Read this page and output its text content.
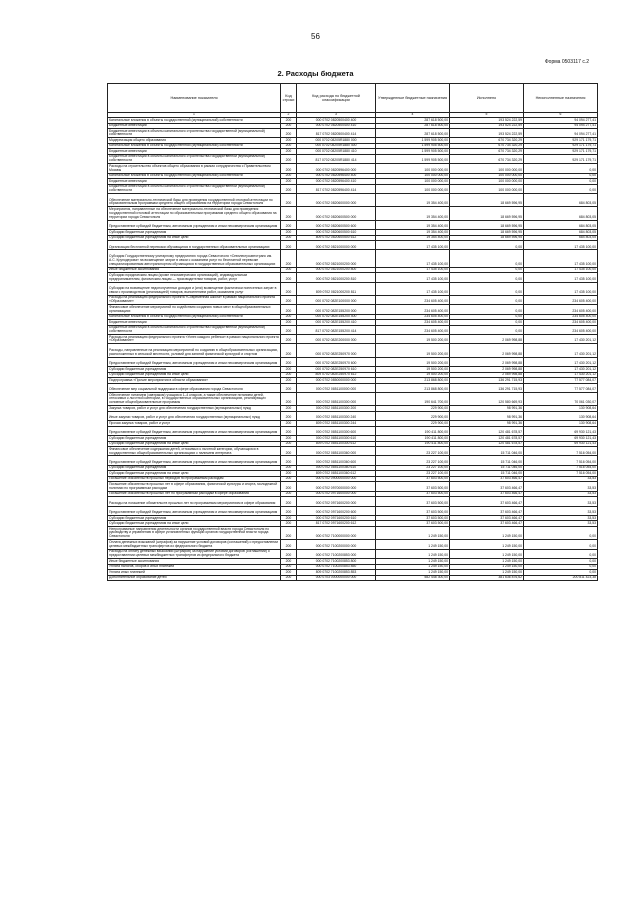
56
Форма 0503117 с.2
2. Расходы бюджета
Наименование показателя	Код строки	Код расхода по бюджетной классификации	Утвержденные бюджетные назначения	Исполнено	Неисполненные назначения
1	2	3	4	5	6
Капитальные вложения в объекты государственной (муниципальной) собственности	200	000 0702 0820500400 400	287 618 500,00	193 524 222,59	94 094 277,41
Бюджетные инвестиции	200	000 0702 0820500400 410	287 618 500,00	193 524 222,59	94 094 277,41
Бюджетные инвестиции в объекты капитального строительства государственной (муниципальной) собственности	200	817 0702 0820500400 414	287 618 500,00	193 524 222,59	94 094 277,41
Модернизация общего образования	200	000 0702 08205R1880 000	1 599 905 500,00	670 734 320,29	929 171 179,71
Капитальные вложения в объекты государственной (муниципальной) собственности	200	000 0702 08205R1880 400	1 599 905 500,00	670 734 320,29	929 171 179,71
Бюджетные инвестиции	200	000 0702 08205R1880 410	1 599 905 500,00	670 734 320,29	929 171 179,71
Бюджетные инвестиции в объекты капитального строительства государственной (муниципальной) собственности	200	817 0702 08205R1880 414	1 599 905 500,00	670 734 320,29	929 171 179,71
Расходы на строительство объектов общего образования в рамках сотрудничества с Правительством Москвы	200	000 0702 0820596400 000	100 000 000,00	100 000 000,00	0,00
Капитальные вложения в объекты государственной (муниципальной) собственности	200	000 0702 0820596400 400	100 000 000,00	100 000 000,00	0,00
Бюджетные инвестиции	200	000 0702 0820596400 410	100 000 000,00	100 000 000,00	0,00
Бюджетные инвестиции в объекты капитального строительства государственной (муниципальной) собственности	200	817 0702 0820596400 414	100 000 000,00	100 000 000,00	0,00
Обеспечение материально-технической базы для проведения государственной итоговой аттестации по образовательным программам среднего общего образования на территории города Севастополя	200	000 0702 0820600000 000	19 354 400,00	18 669 596,95	684 803,05
Мероприятия, направленные на обеспечение материально-технической базы для проведения государственной итоговой аттестации по образовательным программам среднего общего образования на территории города Севастополя	200	000 0702 0820600500 000	19 354 400,00	18 669 596,95	684 803,05
Предоставление субсидий бюджетным, автономным учреждениям и иным некоммерческим организациям	200	000 0702 0820600500 600	19 354 400,00	18 669 596,95	684 803,05
Субсидии бюджетным учреждениям	200	000 0702 0820600500 610	19 354 400,00	18 669 596,95	684 803,05
Субсидии бюджетным учреждениям на иные цели	200	809 0702 0820600500 612	19 354 400,00	18 669 596,95	684 803,05
Организация бесплатной перевозки обучающихся в государственных образовательных организациях	200	000 0702 0821000000 000	17 435 100,00	0,00	17 435 100,00
Субсидия Государственному унитарному предприятию города Севастополя «Севэлектроавтотранс им. А.С. Круподерова» на возмещение затрат в связи с оказанием услуг по бесплатной перевозке специализированным автотранспортом обучающихся в государственных образовательных организациях	200	000 0702 0821000200 000	17 435 100,00	0,00	17 435 100,00
Иные бюджетные ассигнования	200	000 0702 0821000200 800	17 435 100,00	0,00	17 435 100,00
Субсидии юридическим лицам (кроме некоммерческих организаций), индивидуальным предпринимателям, физическим лицам — производителям товаров, работ, услуг	200	000 0702 0821000200 810	17 435 100,00	0,00	17 435 100,00
Субсидии на возмещение недополученных доходов и (или) возмещение фактически понесенных затрат в связи с производством (реализацией) товаров, выполнением работ, оказанием услуг	200	809 0702 0821000200 811	17 435 100,00	0,00	17 435 100,00
Расходы на реализацию федерального проекта «Современная школа» в рамках национального проекта «Образование»	200	000 0702 082E100000 000	234 605 400,00	0,00	234 605 400,00
Финансовое обеспечение мероприятий по содействию созданию новых мест в общеобразовательных организациях	200	000 0702 082E155200 000	234 605 400,00	0,00	234 605 400,00
Капитальные вложения в объекты государственной (муниципальной) собственности	200	000 0702 082E155200 400	234 605 400,00	0,00	234 605 400,00
Бюджетные инвестиции	200	000 0702 082E155200 410	234 605 400,00	0,00	234 605 400,00
Бюджетные инвестиции в объекты капитального строительства государственной (муниципальной) собственности	200	817 0702 082E155200 414	234 605 400,00	0,00	234 605 400,00
Расходы на реализацию федерального проекта «Успех каждого ребенка» в рамках национального проекта «Образование»	200	000 0702 082E200000 000	19 500 200,00	2 069 998,88	17 430 201,12
Расходы, направленные на реализацию мероприятий по созданию в общеобразовательных организациях, расположенных в сельской местности, условий для занятий физической культурой и спортом	200	000 0702 082E250970 000	19 500 200,00	2 069 998,88	17 430 201,12
Предоставление субсидий бюджетным, автономным учреждениям и иным некоммерческим организациям	200	000 0702 082E250970 600	19 500 200,00	2 069 998,88	17 430 201,12
Субсидии бюджетным учреждениям	200	000 0702 082E250970 610	19 500 200,00	2 069 998,88	17 430 201,12
Субсидии бюджетным учреждениям на иные цели	200	809 0702 082E250970 612	19 500 200,00	2 069 998,88	17 430 201,12
Подпрограмма «Прочие мероприятия в области образования»	200	000 0702 0850000000 000	213 868 800,00	136 291 715,93	77 577 084,07
Обеспечение мер социальной поддержки в сфере образования города Севастополя	200	000 0702 0851100000 000	213 868 800,00	136 291 715,93	77 577 084,07
Обеспечение питанием (завтраком) учащихся 1–4 классов, а также обеспечение питанием детей, относимых к льготной категории, в государственных образовательных организациях, реализующих основные общеобразовательные программы	200	000 0702 0851100300 000	190 641 700,00	120 580 669,93	70 061 030,07
Закупка товаров, работ и услуг для обеспечения государственных (муниципальных) нужд	200	000 0702 0851100300 200	229 900,00	98 991,36	130 908,64
Иные закупки товаров, работ и услуг для обеспечения государственных (муниципальных) нужд	200	000 0702 0851100300 240	229 900,00	98 991,36	130 908,64
Прочая закупка товаров, работ и услуг	200	809 0702 0851100300 244	229 900,00	98 991,36	130 908,64
Предоставление субсидий бюджетным, автономным учреждениям и иным некоммерческим организациям	200	000 0702 0851100300 600	190 411 800,00	120 481 678,57	69 930 121,43
Субсидии бюджетным учреждениям	200	000 0702 0851100300 610	190 411 800,00	120 481 678,57	69 930 121,43
Субсидии бюджетным учреждениям на иные цели	200	809 0702 0851100300 612	190 411 800,00	120 481 678,57	69 930 121,43
Финансовое обеспечение содержания детей, относимых к льготной категории, обучающихся в государственных общеобразовательных организациях с наличием интерната	200	000 0702 0851100360 000	23 227 100,00	15 711 046,00	7 516 054,00
Предоставление субсидий бюджетным, автономным учреждениям и иным некоммерческим организациям	200	000 0702 0851100360 600	23 227 100,00	15 711 046,00	7 516 054,00
Субсидии бюджетным учреждениям	200	000 0702 0851100360 610	23 227 100,00	15 711 046,00	7 516 054,00
Субсидии бюджетным учреждениям на иные цели	200	809 0702 0851100360 612	23 227 100,00	15 711 046,00	7 516 054,00
Погашение обязательств прошлых периодов по программным расходам	200	000 0702 0900000000 000	37 603 500,00	37 603 466,47	33,53
Погашение обязательств прошлых лет в сфере образования, физической культуры и спорта, молодежной политики по программным расходам	200	000 0702 0970000000 000	37 603 500,00	37 603 466,47	33,53
Погашение обязательств прошлых лет по программным расходам в сфере образования	200	000 0702 0971600000 000	37 603 500,00	37 603 466,47	33,53
Расходы на погашение обязательств прошлых лет по программным мероприятиям в сфере образования	200	000 0702 0971600200 000	37 603 500,00	37 603 466,47	33,53
Предоставление субсидий бюджетным, автономным учреждениям и иным некоммерческим организациям	200	000 0702 0971600200 600	37 603 500,00	37 603 466,47	33,53
Субсидии бюджетным учреждениям	200	000 0702 0971600200 610	37 603 500,00	37 603 466,47	33,53
Субсидии бюджетным учреждениям на иные цели	200	817 0702 0971600200 612	37 603 500,00	37 603 466,47	33,53
Непрограммные направления деятельности органов государственной власти города Севастополя по руководству и управлению в сфере установленных функций органов государственной власти города Севастополя	200	000 0702 7100000000 000	1 249 150,00	1 249 150,00	0,00
Оплата денежных взысканий (штрафов) за нарушение условий договоров (соглашений) о предоставлении целевых межбюджетных трансфертов из федерального бюджета	200	000 0702 7100200000 000	1 249 150,00	1 249 150,00	0,00
Расходы на оплату денежных взысканий (штрафов) за нарушение условий договоров (соглашений) о предоставлении целевых межбюджетных трансфертов из федерального бюджета	200	000 0702 7100200853 000	1 249 150,00	1 249 150,00	0,00
Иные бюджетные ассигнования	200	000 0702 7100200853 800	1 249 150,00	1 249 150,00	0,00
Уплата налогов, сборов и иных платежей	200	000 0702 7100200853 850	1 249 150,00	1 249 150,00	0,00
Уплата иных платежей	200	809 0702 7100200853 853	1 249 150,00	1 249 150,00	0,00
Дополнительное образование детей	200	000 0703 0000000000 000	582 448 300,00	381 636 876,62	200 811 423,38
